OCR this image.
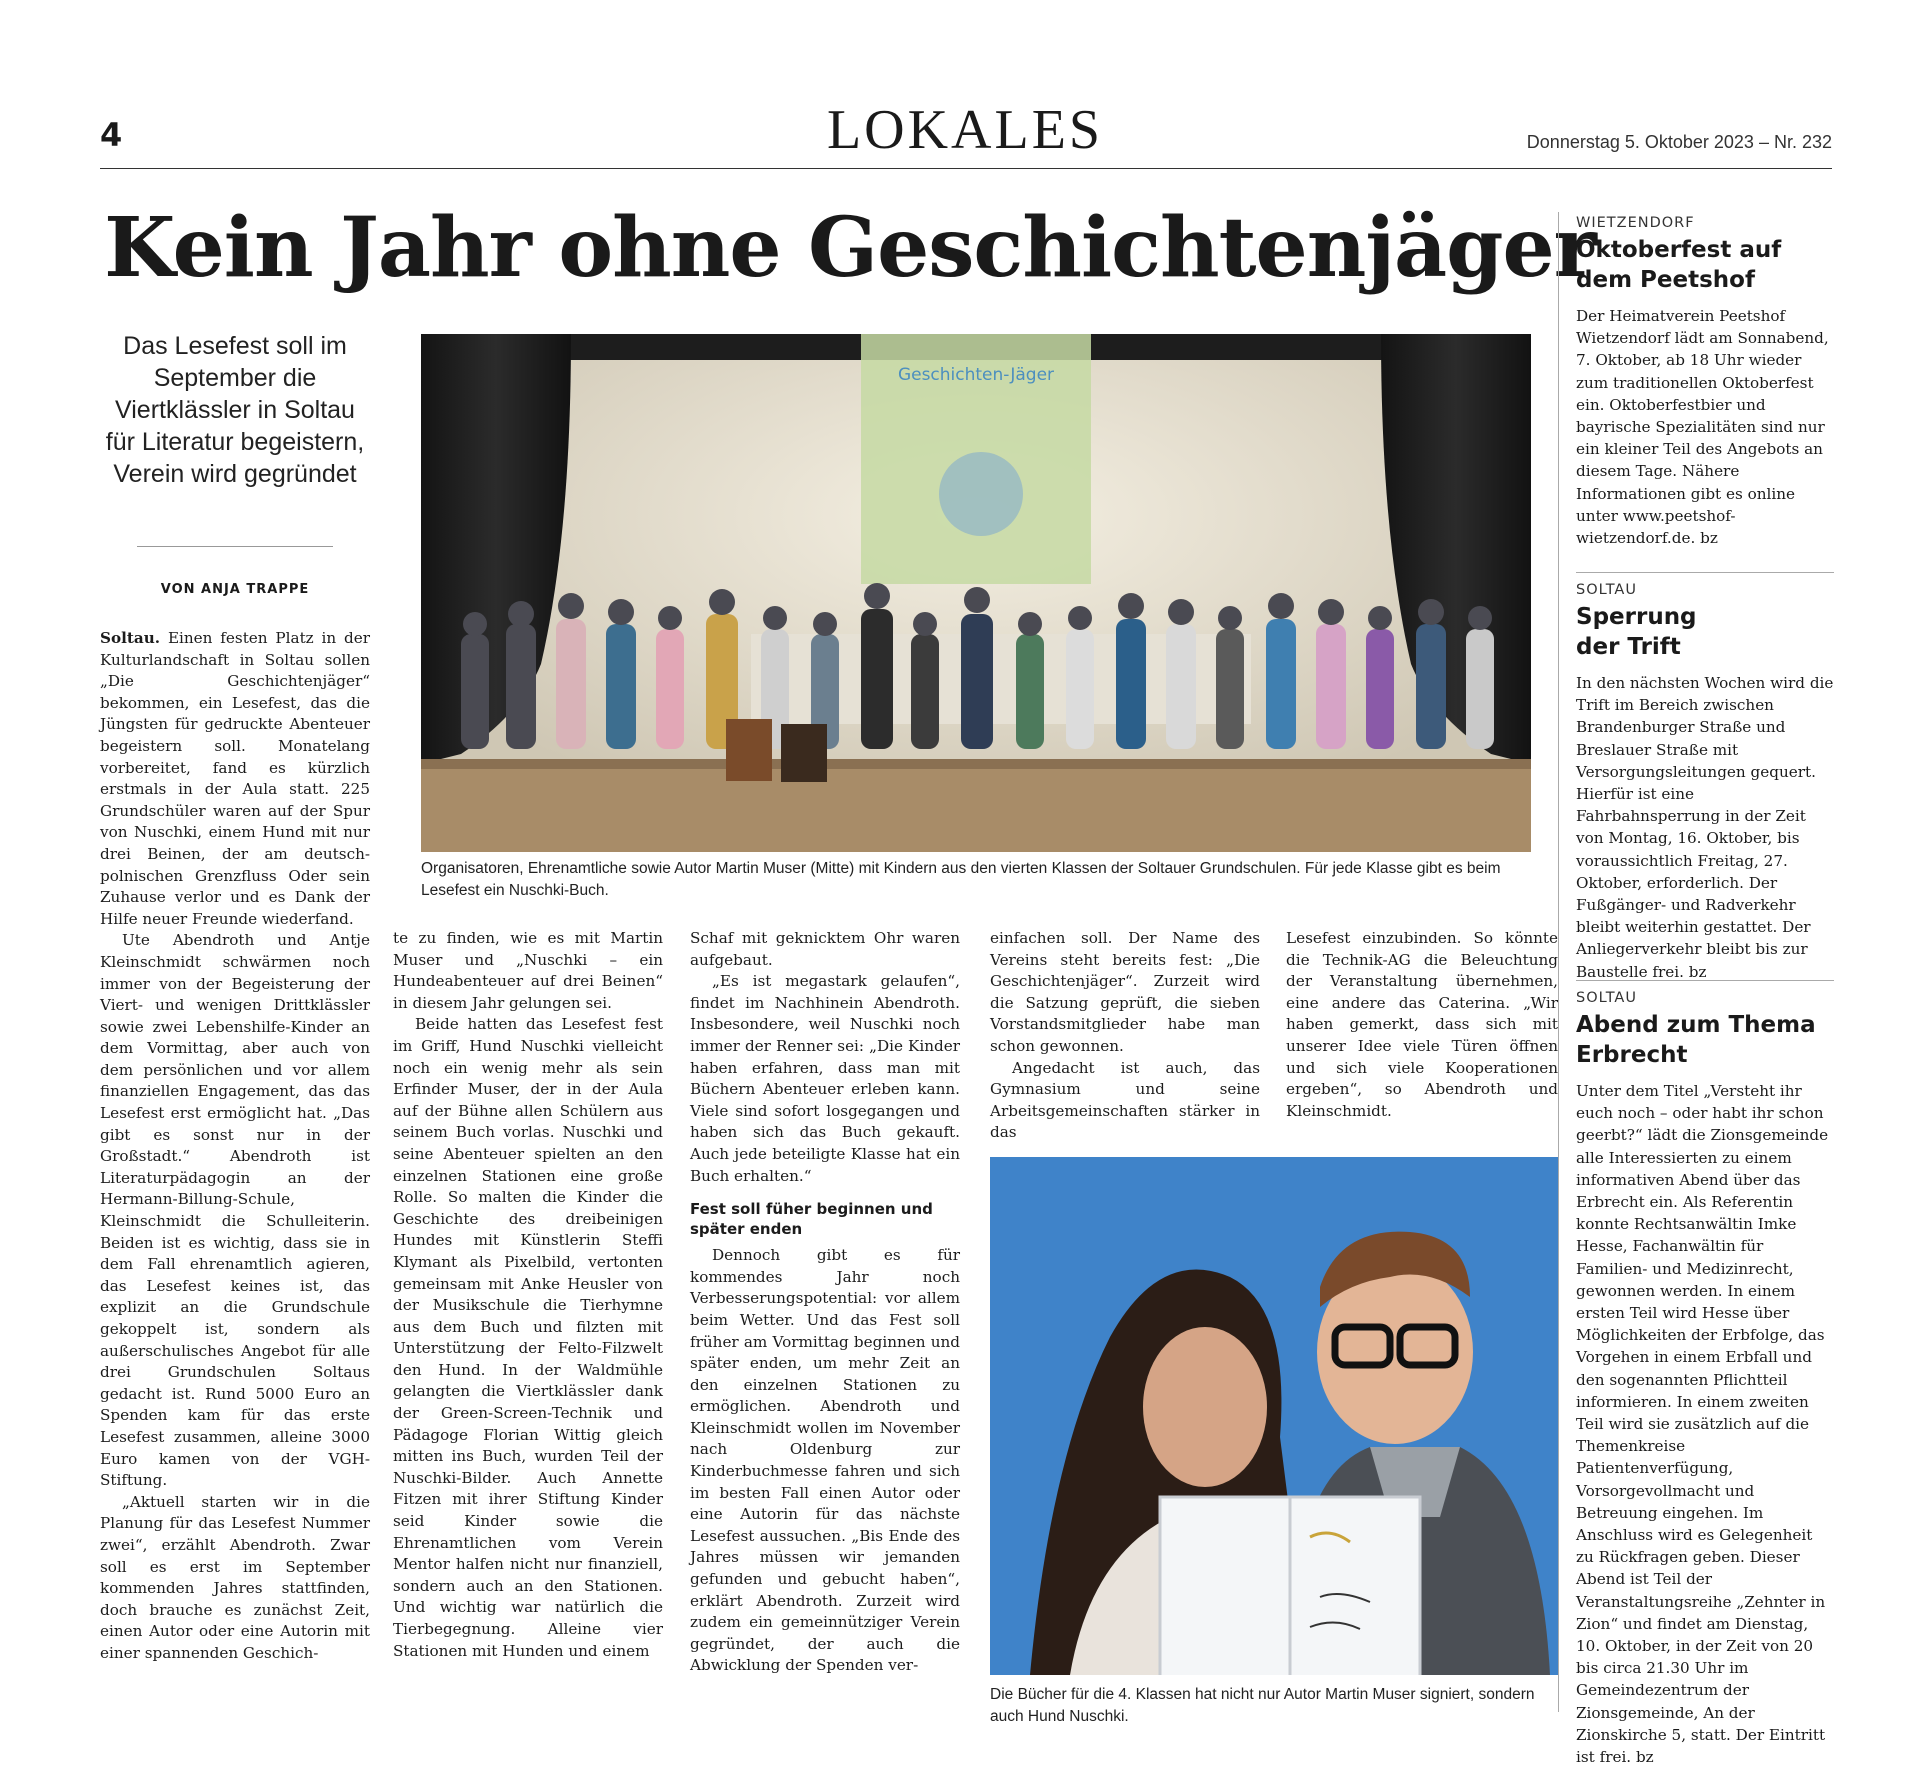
4	LOKALES	Donnerstag 5. Oktober 2023 – Nr. 232
Kein Jahr ohne Geschichtenjäger

Das Lesefest soll im September die Viertklässler in Soltau für Literatur begeistern, Verein wird gegründet

VON ANJA TRAPPE
Geschichten-Jäger

Organisatoren, Ehrenamtliche sowie Autor Martin Muser (Mitte) mit Kindern aus den vierten Klassen der Soltauer Grundschulen. Für jede Klasse gibt es beim Lesefest ein Nuschki-Buch.

Die Bücher für die 4. Klassen hat nicht nur Autor Martin Muser signiert, sondern auch Hund Nuschki.

Soltau. Einen festen Platz in der Kulturlandschaft in Soltau sollen „Die Geschichtenjäger“ bekommen, ein Lesefest, das die Jüngsten für gedruckte Abenteuer begeistern soll. Monatelang vorbereitet, fand es kürzlich erstmals in der Aula statt. 225 Grundschüler waren auf der Spur von Nuschki, einem Hund mit nur drei Beinen, der am deutsch-polnischen Grenzfluss Oder sein Zuhause verlor und es Dank der Hilfe neuer Freunde wiederfand.

Ute Abendroth und Antje Kleinschmidt schwärmen noch immer von der Begeisterung der Viert- und wenigen Drittklässler sowie zwei Lebenshilfe-Kinder an dem Vormittag, aber auch von dem persönlichen und vor allem finanziellen Engagement, das das Lesefest erst ermöglicht hat. „Das gibt es sonst nur in der Großstadt.“ Abendroth ist Literaturpädagogin an der Hermann-Billung-Schule, Kleinschmidt die Schulleiterin. Beiden ist es wichtig, dass sie in dem Fall ehrenamtlich agieren, das Lesefest keines ist, das explizit an die Grundschule gekoppelt ist, sondern als außerschulisches Angebot für alle drei Grundschulen Soltaus gedacht ist. Rund 5000 Euro an Spenden kam für das erste Lesefest zusammen, alleine 3000 Euro kamen von der VGH-Stiftung.

„Aktuell starten wir in die Planung für das Lesefest Nummer zwei“, erzählt Abendroth. Zwar soll es erst im September kommenden Jahres stattfinden, doch brauche es zunächst Zeit, einen Autor oder eine Autorin mit einer spannenden Geschich-

te zu finden, wie es mit Martin Muser und „Nuschki – ein Hundeabenteuer auf drei Beinen“ in diesem Jahr gelungen sei.

Beide hatten das Lesefest fest im Griff, Hund Nuschki vielleicht noch ein wenig mehr als sein Erfinder Muser, der in der Aula auf der Bühne allen Schülern aus seinem Buch vorlas. Nuschki und seine Abenteuer spielten an den einzelnen Stationen eine große Rolle. So malten die Kinder die Geschichte des dreibeinigen Hundes mit Künstlerin Steffi Klymant als Pixelbild, vertonten gemeinsam mit Anke Heusler von der Musikschule die Tierhymne aus dem Buch und filzten mit Unterstützung der Felto-Filzwelt den Hund. In der Waldmühle gelangten die Viertklässler dank der Green-Screen-Technik und Pädagoge Florian Wittig gleich mitten ins Buch, wurden Teil der Nuschki-Bilder. Auch Annette Fitzen mit ihrer Stiftung Kinder seid Kinder sowie die Ehrenamtlichen vom Verein Mentor halfen nicht nur finanziell, sondern auch an den Stationen. Und wichtig war natürlich die Tierbegegnung. Alleine vier Stationen mit Hunden und einem

Schaf mit geknicktem Ohr waren aufgebaut.

„Es ist megastark gelaufen“, findet im Nachhinein Abendroth. Insbesondere, weil Nuschki noch immer der Renner sei: „Die Kinder haben erfahren, dass man mit Büchern Abenteuer erleben kann. Viele sind sofort losgegangen und haben sich das Buch gekauft. Auch jede beteiligte Klasse hat ein Buch erhalten.“

Fest soll füher beginnen und später enden

Dennoch gibt es für kommendes Jahr noch Verbesserungspotential: vor allem beim Wetter. Und das Fest soll früher am Vormittag beginnen und später enden, um mehr Zeit an den einzelnen Stationen zu ermöglichen. Abendroth und Kleinschmidt wollen im November nach Oldenburg zur Kinderbuchmesse fahren und sich im besten Fall einen Autor oder eine Autorin für das nächste Lesefest aussuchen. „Bis Ende des Jahres müssen wir jemanden gefunden und gebucht haben“, erklärt Abendroth. Zurzeit wird zudem ein gemeinnütziger Verein gegründet, der auch die Abwicklung der Spenden ver-

einfachen soll. Der Name des Vereins steht bereits fest: „Die Geschichtenjäger“. Zurzeit wird die Satzung geprüft, die sieben Vorstandsmitglieder habe man schon gewonnen.

Angedacht ist auch, das Gymnasium und seine Arbeitsgemeinschaften stärker in das

Lesefest einzubinden. So könnte die Technik-AG die Beleuchtung der Veranstaltung übernehmen, eine andere das Caterina. „Wir haben gemerkt, dass sich mit unserer Idee viele Türen öffnen und sich viele Kooperationen ergeben“, so Abendroth und Kleinschmidt.

WIETZENDORF

Oktoberfest auf dem Peetshof

Der Heimatverein Peetshof Wietzendorf lädt am Sonnabend, 7. Oktober, ab 18 Uhr wieder zum traditionellen Oktoberfest ein. Oktoberfestbier und bayrische Spezialitäten sind nur ein kleiner Teil des Angebots an diesem Tage. Nähere Informationen gibt es online unter www.peetshof-wietzendorf.de. bz

SOLTAU

Sperrung der Trift

In den nächsten Wochen wird die Trift im Bereich zwischen Brandenburger Straße und Breslauer Straße mit Versorgungsleitungen gequert. Hierfür ist eine Fahrbahnsperrung in der Zeit von Montag, 16. Oktober, bis voraussichtlich Freitag, 27. Oktober, erforderlich. Der Fußgänger- und Radverkehr bleibt weiterhin gestattet. Der Anliegerverkehr bleibt bis zur Baustelle frei. bz

SOLTAU

Abend zum Thema Erbrecht

Unter dem Titel „Versteht ihr euch noch – oder habt ihr schon geerbt?“ lädt die Zionsgemeinde alle Interessierten zu einem informativen Abend über das Erbrecht ein. Als Referentin konnte Rechtsanwältin Imke Hesse, Fachanwältin für Familien- und Medizinrecht, gewonnen werden. In einem ersten Teil wird Hesse über Möglichkeiten der Erbfolge, das Vorgehen in einem Erbfall und den sogenannten Pflichtteil informieren. In einem zweiten Teil wird sie zusätzlich auf die Themenkreise Patientenverfügung, Vorsorgevollmacht und Betreuung eingehen. Im Anschluss wird es Gelegenheit zu Rückfragen geben. Dieser Abend ist Teil der Veranstaltungsreihe „Zehnter in Zion“ und findet am Dienstag, 10. Oktober, in der Zeit von 20 bis circa 21.30 Uhr im Gemeindezentrum der Zionsgemeinde, An der Zionskirche 5, statt. Der Eintritt ist frei. bz
